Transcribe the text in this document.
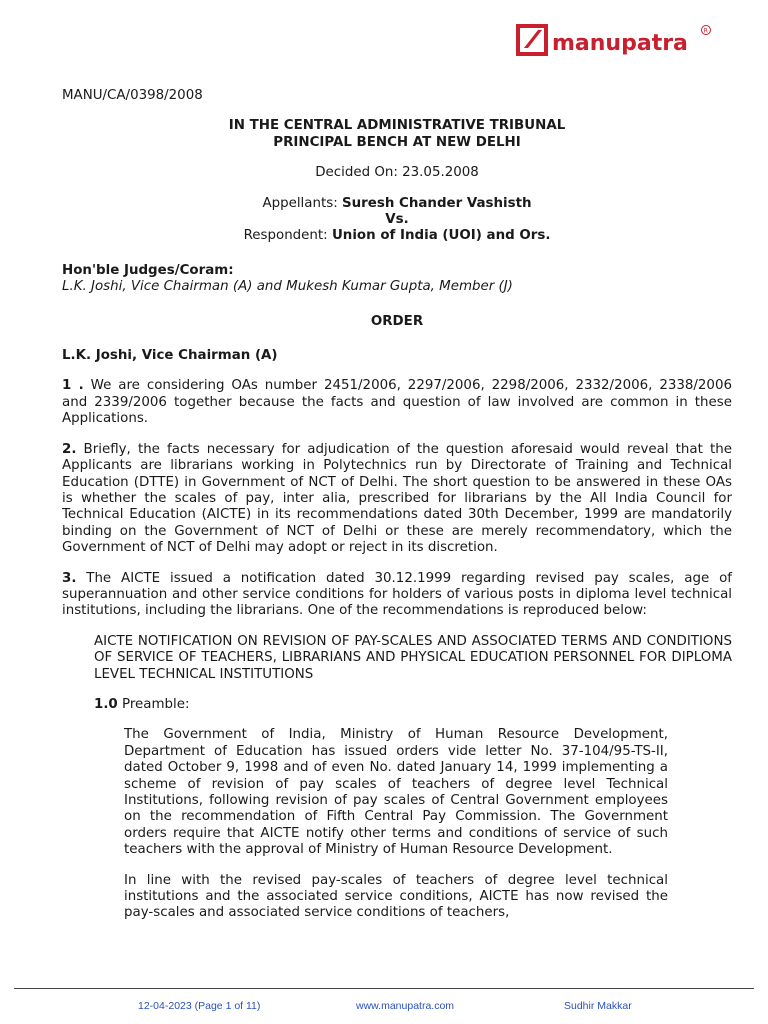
manupatra	R

MANU/CA/0398/2008

IN THE CENTRAL ADMINISTRATIVE TRIBUNAL

PRINCIPAL BENCH AT NEW DELHI

Decided On: 23.05.2008

Appellants: Suresh Chander Vashisth

Vs.

Respondent: Union of India (UOI) and Ors.

Hon'ble Judges/Coram:

L.K. Joshi, Vice Chairman (A) and Mukesh Kumar Gupta, Member (J)

ORDER

L.K. Joshi, Vice Chairman (A)

1 . We are considering OAs number 2451/2006, 2297/2006, 2298/2006, 2332/2006, 2338/2006 and 2339/2006 together because the facts and question of law involved are common in these Applications.

2. Briefly, the facts necessary for adjudication of the question aforesaid would reveal that the Applicants are librarians working in Polytechnics run by Directorate of Training and Technical Education (DTTE) in Government of NCT of Delhi. The short question to be answered in these OAs is whether the scales of pay, inter alia, prescribed for librarians by the All India Council for Technical Education (AICTE) in its recommendations dated 30th December, 1999 are mandatorily binding on the Government of NCT of Delhi or these are merely recommendatory, which the Government of NCT of Delhi may adopt or reject in its discretion.

3. The AICTE issued a notification dated 30.12.1999 regarding revised pay scales, age of superannuation and other service conditions for holders of various posts in diploma level technical institutions, including the librarians. One of the recommendations is reproduced below:

AICTE NOTIFICATION ON REVISION OF PAY-SCALES AND ASSOCIATED TERMS AND CONDITIONS OF SERVICE OF TEACHERS, LIBRARIANS AND PHYSICAL EDUCATION PERSONNEL FOR DIPLOMA LEVEL TECHNICAL INSTITUTIONS

1.0 Preamble:

The Government of India, Ministry of Human Resource Development, Department of Education has issued orders vide letter No. 37-104/95-TS-II, dated October 9, 1998 and of even No. dated January 14, 1999 implementing a scheme of revision of pay scales of teachers of degree level Technical Institutions, following revision of pay scales of Central Government employees on the recommendation of Fifth Central Pay Commission. The Government orders require that AICTE notify other terms and conditions of service of such teachers with the approval of Ministry of Human Resource Development.

In line with the revised pay-scales of teachers of degree level technical institutions and the associated service conditions, AICTE has now revised the pay-scales and associated service conditions of teachers,

12-04-2023 (Page 1 of 11)	www.manupatra.com	Sudhir Makkar
